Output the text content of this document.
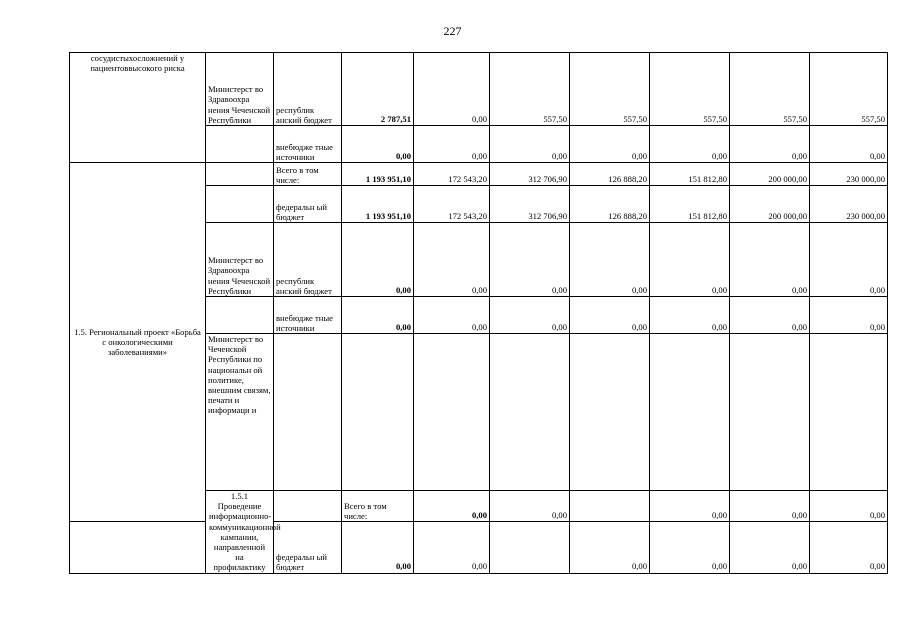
227
сосудистыхосложнений у пациентоввысокого риска	Министерст во Здравоохра нения Чеченской Республики	республик анский бюджет	2 787,51	0,00	557,50	557,50	557,50	557,50	557,50	
		внебюдже тные источники	0,00	0,00	0,00	0,00	0,00	0,00	0,00	
1.5. Региональный проект «Борьба с онкологическими заболеваниями»		Всего в том числе:	1 193 951,10	172 543,20	312 706,90	126 888,20	151 812,80	200 000,00	230 000,00	
		федеральн ый бюджет	1 193 951,10	172 543,20	312 706,90	126 888,20	151 812,80	200 000,00	230 000,00	
	Министерст во Здравоохра нения Чеченской Республики	республик анский бюджет	0,00	0,00	0,00	0,00	0,00	0,00	0,00	
		внебюдже тные источники	0,00	0,00	0,00	0,00	0,00	0,00	0,00	
	Министерст во Чеченской Республики по национальн ой политике, внешним связям, печати и информаци и									
	1.5.1 Проведение информационно-коммуникационной кампании, направленной на профилактику		Всего в том числе:	0,00	0,00		0,00	0,00	0,00	
		федеральн ый бюджет	0,00	0,00		0,00	0,00	0,00	0,00	
